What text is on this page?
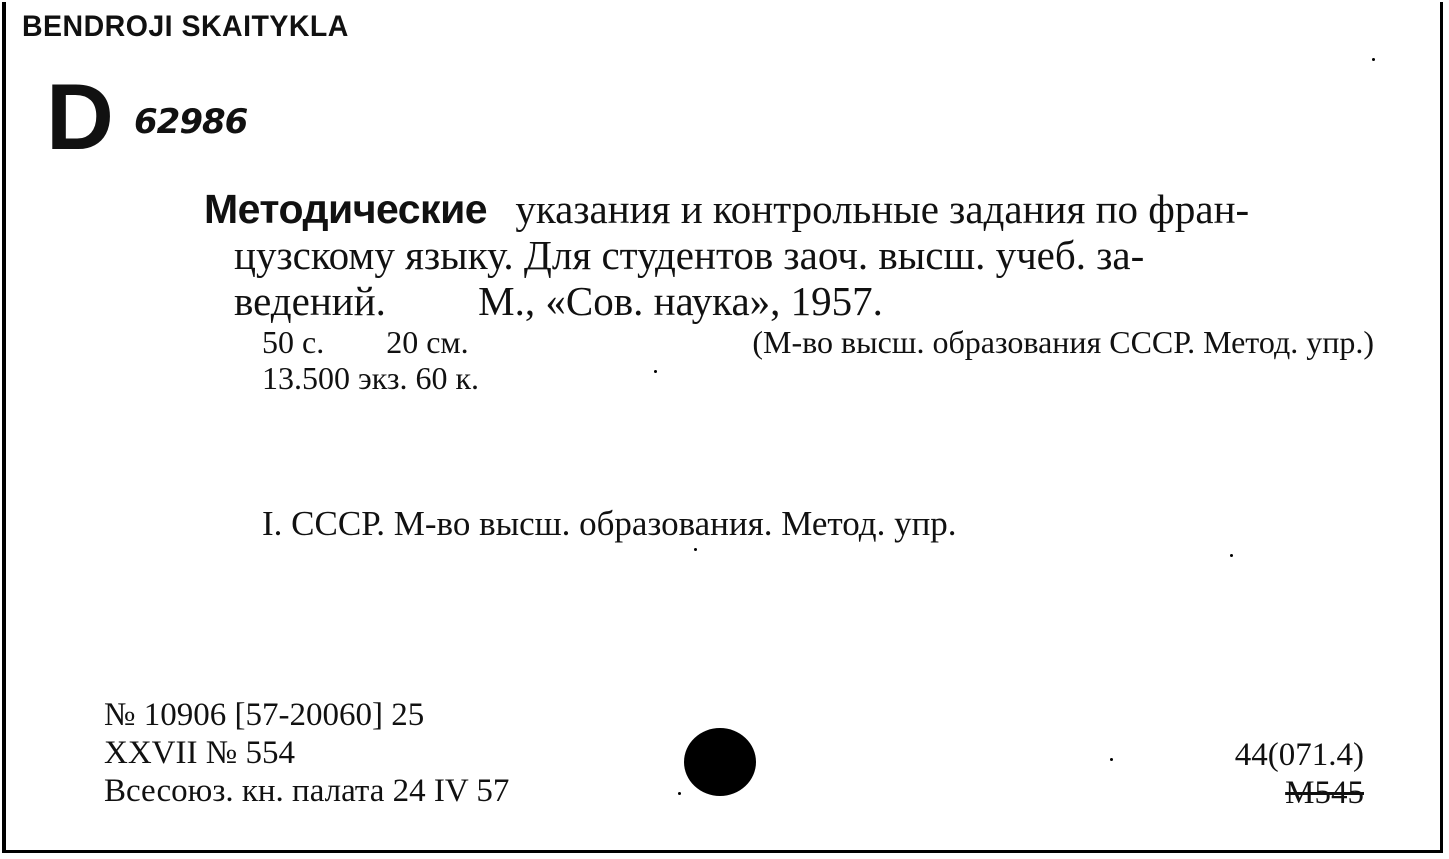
BENDROJI SKAITYKLA
D 62986
Методические указания и контрольные задания по фран-
цузскому языку. Для студентов заоч. высш. учеб. за-
ведений. М., «Сов. наука», 1957.
50 с. 20 см.	(М-во высш. образования СССР. Метод. упр.)
13.500 экз. 60 к.
I. СССР. М-во высш. образования. Метод. упр.
№ 10906 [57-20060] 25
XXVII № 554
Всесоюз. кн. палата 24 IV 57
44(071.4)
M545
